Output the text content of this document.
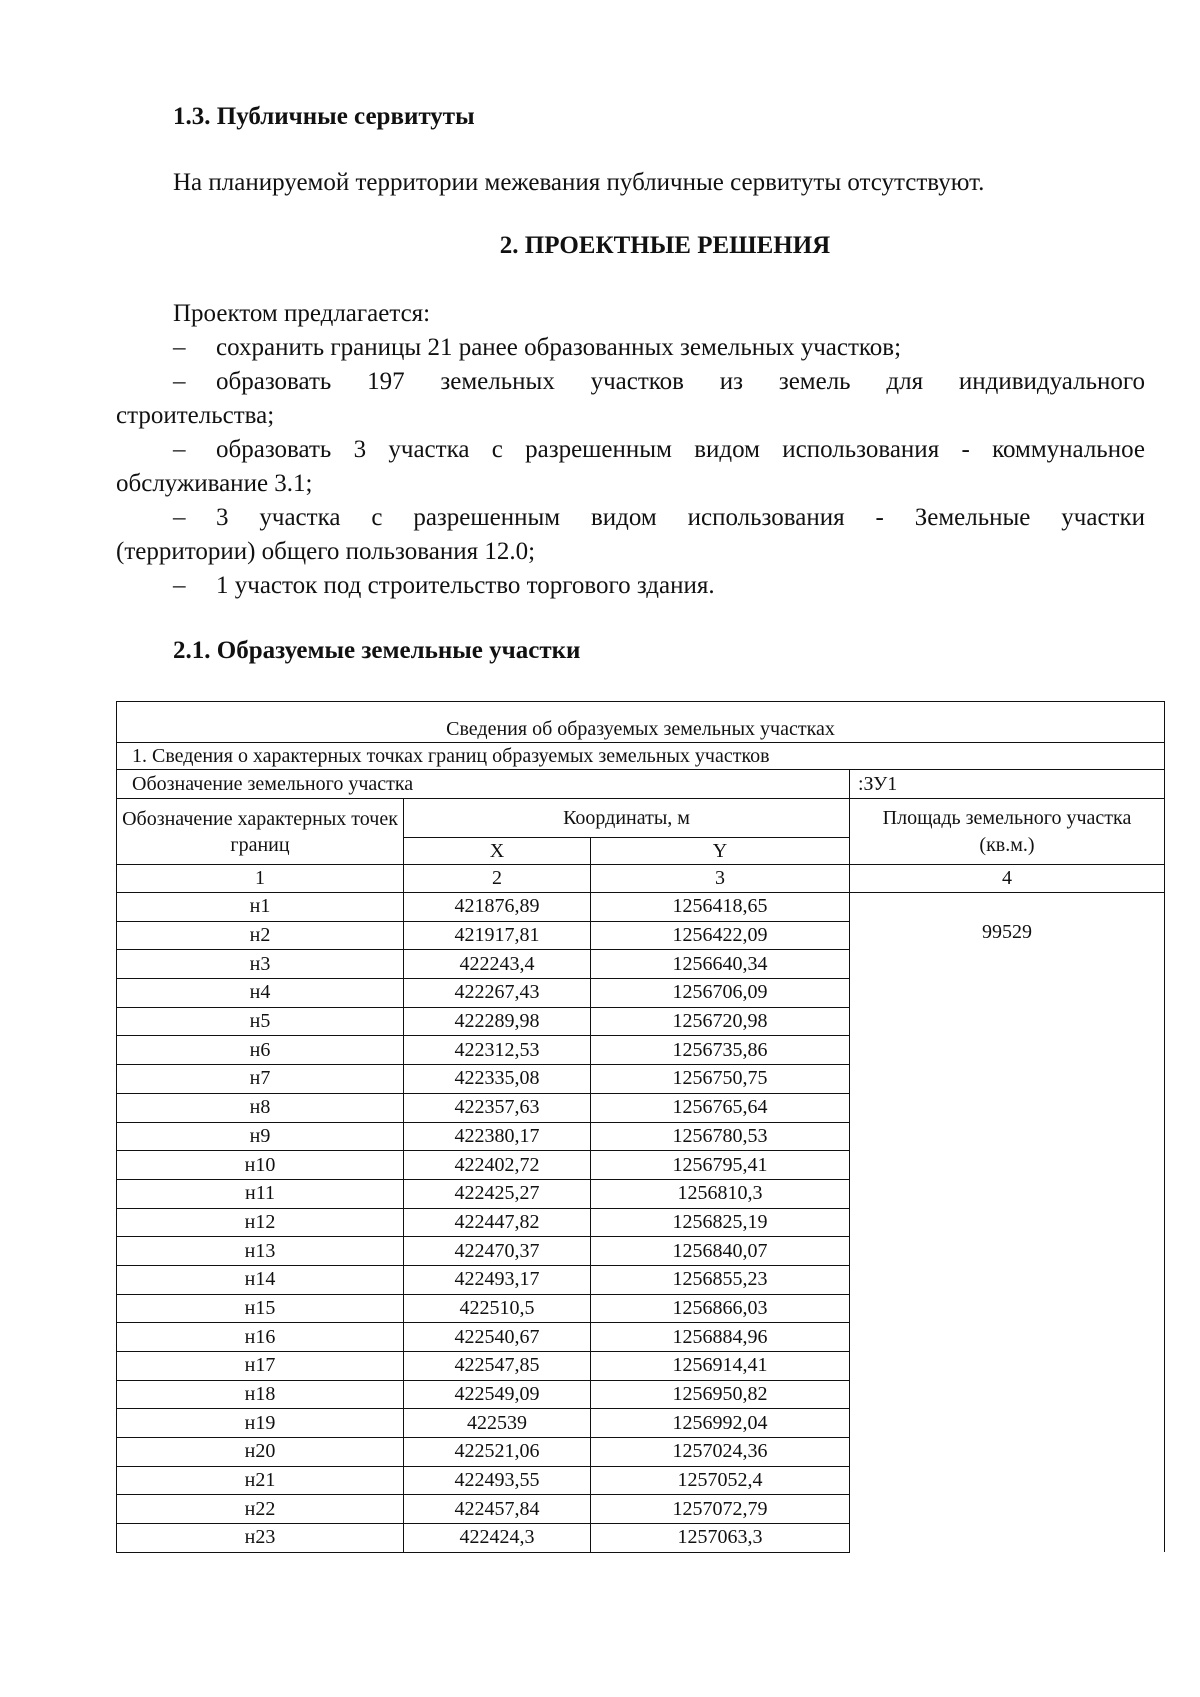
1.3. Публичные сервитуты

На планируемой территории межевания публичные сервитуты отсутствуют.

2. ПРОЕКТНЫЕ РЕШЕНИЯ

Проектом предлагается:

– сохранить границы 21 ранее образованных земельных участков;

– образовать 197 земельных участков из земель для индивидуального

строительства;

– образовать 3 участка с разрешенным видом использования - коммунальное

обслуживание 3.1;

– 3 участка с разрешенным видом использования - Земельные участки

(территории) общего пользования 12.0;

– 1 участок под строительство торгового здания.

2.1. Образуемые земельные участки
Сведения об образуемых земельных участках			
1. Сведения о характерных точках границ образуемых земельных участков			
Обозначение земельного участка			:ЗУ1
Обозначение характерных точек границ	Координаты, м		Площадь земельного участка (кв.м.)
	X	Y	
1	2	3	4
н1	421876,89	1256418,65	99529

н2	421917,81	1256422,09	
н3	422243,4	1256640,34	
н4	422267,43	1256706,09	
н5	422289,98	1256720,98	
н6	422312,53	1256735,86	
н7	422335,08	1256750,75	
н8	422357,63	1256765,64	
н9	422380,17	1256780,53	
н10	422402,72	1256795,41	
н11	422425,27	1256810,3	
н12	422447,82	1256825,19	
н13	422470,37	1256840,07	
н14	422493,17	1256855,23	
н15	422510,5	1256866,03	
н16	422540,67	1256884,96	
н17	422547,85	1256914,41	
н18	422549,09	1256950,82	
н19	422539	1256992,04	
н20	422521,06	1257024,36	
н21	422493,55	1257052,4	
н22	422457,84	1257072,79	
н23	422424,3	1257063,3	
